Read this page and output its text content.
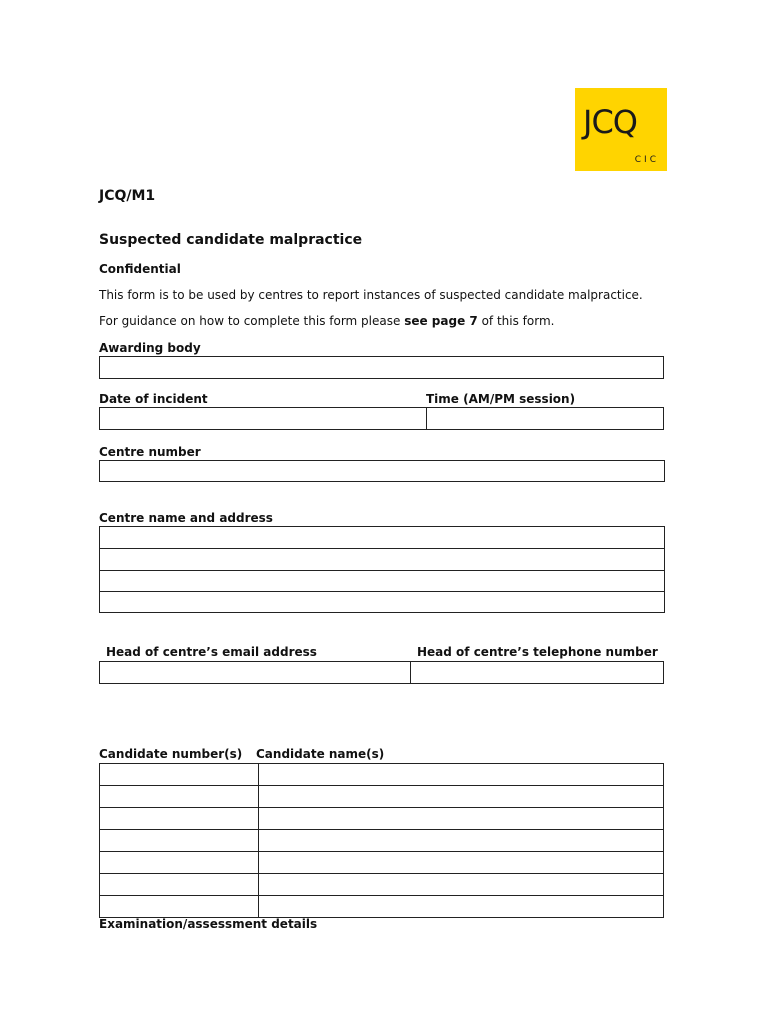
JCQ
CIC
JCQ/M1
Suspected candidate malpractice
Confidential
This form is to be used by centres to report instances of suspected candidate malpractice.
For guidance on how to complete this form please see page 7 of this form.
Awarding body
Date of incident	Time (AM/PM session)
Centre number
Centre name and address
Head of centre’s email address	Head of centre’s telephone number
Candidate number(s) Candidate name(s)
Examination/assessment details
